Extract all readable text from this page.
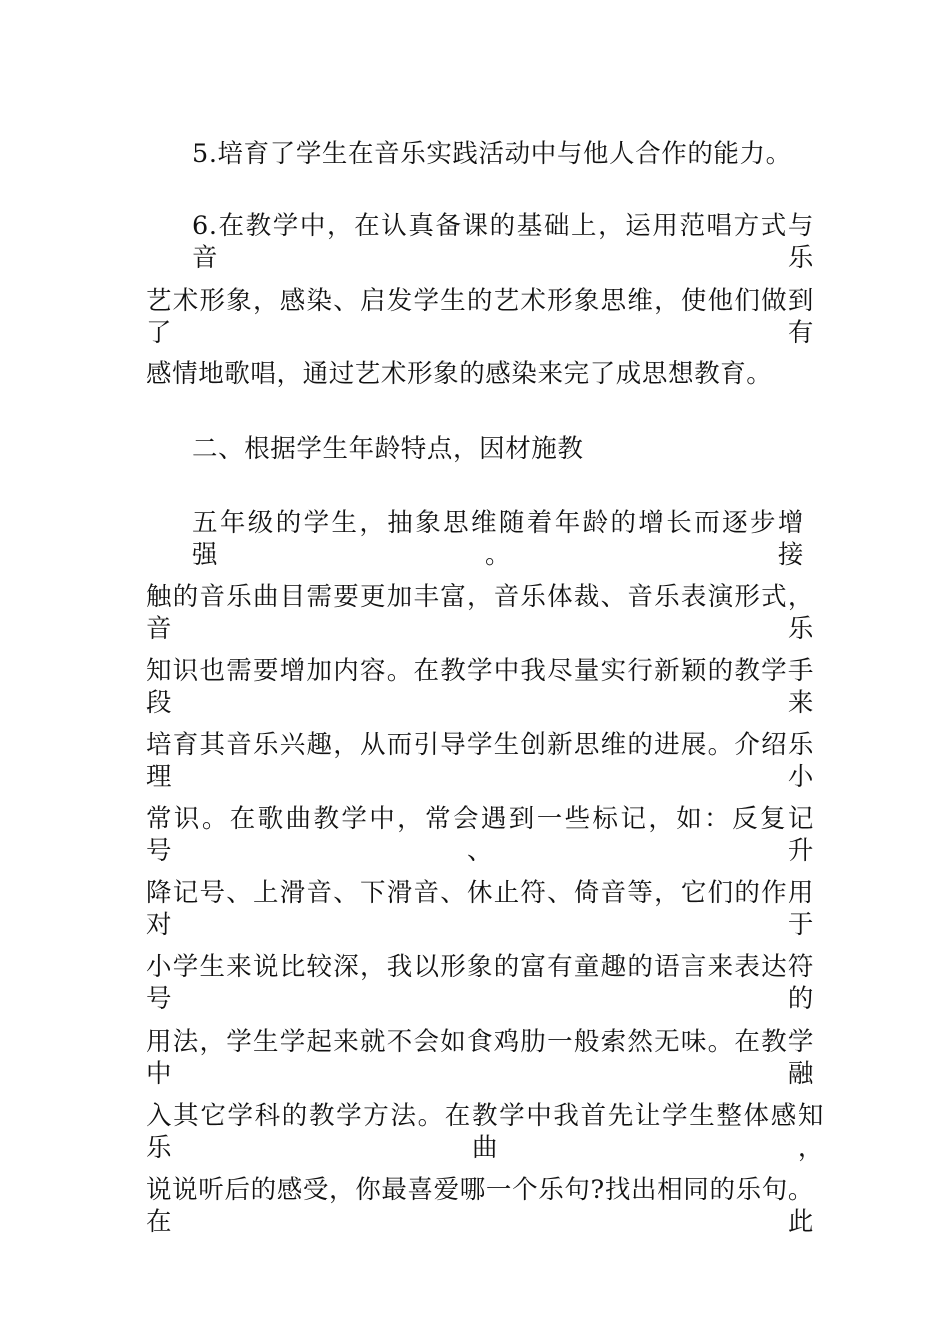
5.培育了学生在音乐实践活动中与他人合作的能力。
6.在教学中，在认真备课的基础上，运用范唱方式与音乐
艺术形象，感染、启发学生的艺术形象思维，使他们做到了有
感情地歌唱，通过艺术形象的感染来完了成思想教育。
二、根据学生年龄特点，因材施教
五年级的学生，抽象思维随着年龄的增长而逐步增强。接
触的音乐曲目需要更加丰富，音乐体裁、音乐表演形式，音乐
知识也需要增加内容。在教学中我尽量实行新颖的教学手段来
培育其音乐兴趣，从而引导学生创新思维的进展。介绍乐理小
常识。在歌曲教学中，常会遇到一些标记，如：反复记号、升
降记号、上滑音、下滑音、休止符、倚音等，它们的作用对于
小学生来说比较深，我以形象的富有童趣的语言来表达符号的
用法，学生学起来就不会如食鸡肋一般索然无味。在教学中融
入其它学科的教学方法。在教学中我首先让学生整体感知乐曲，
说说听后的感受，你最喜爱哪一个乐句?找出相同的乐句。在此
